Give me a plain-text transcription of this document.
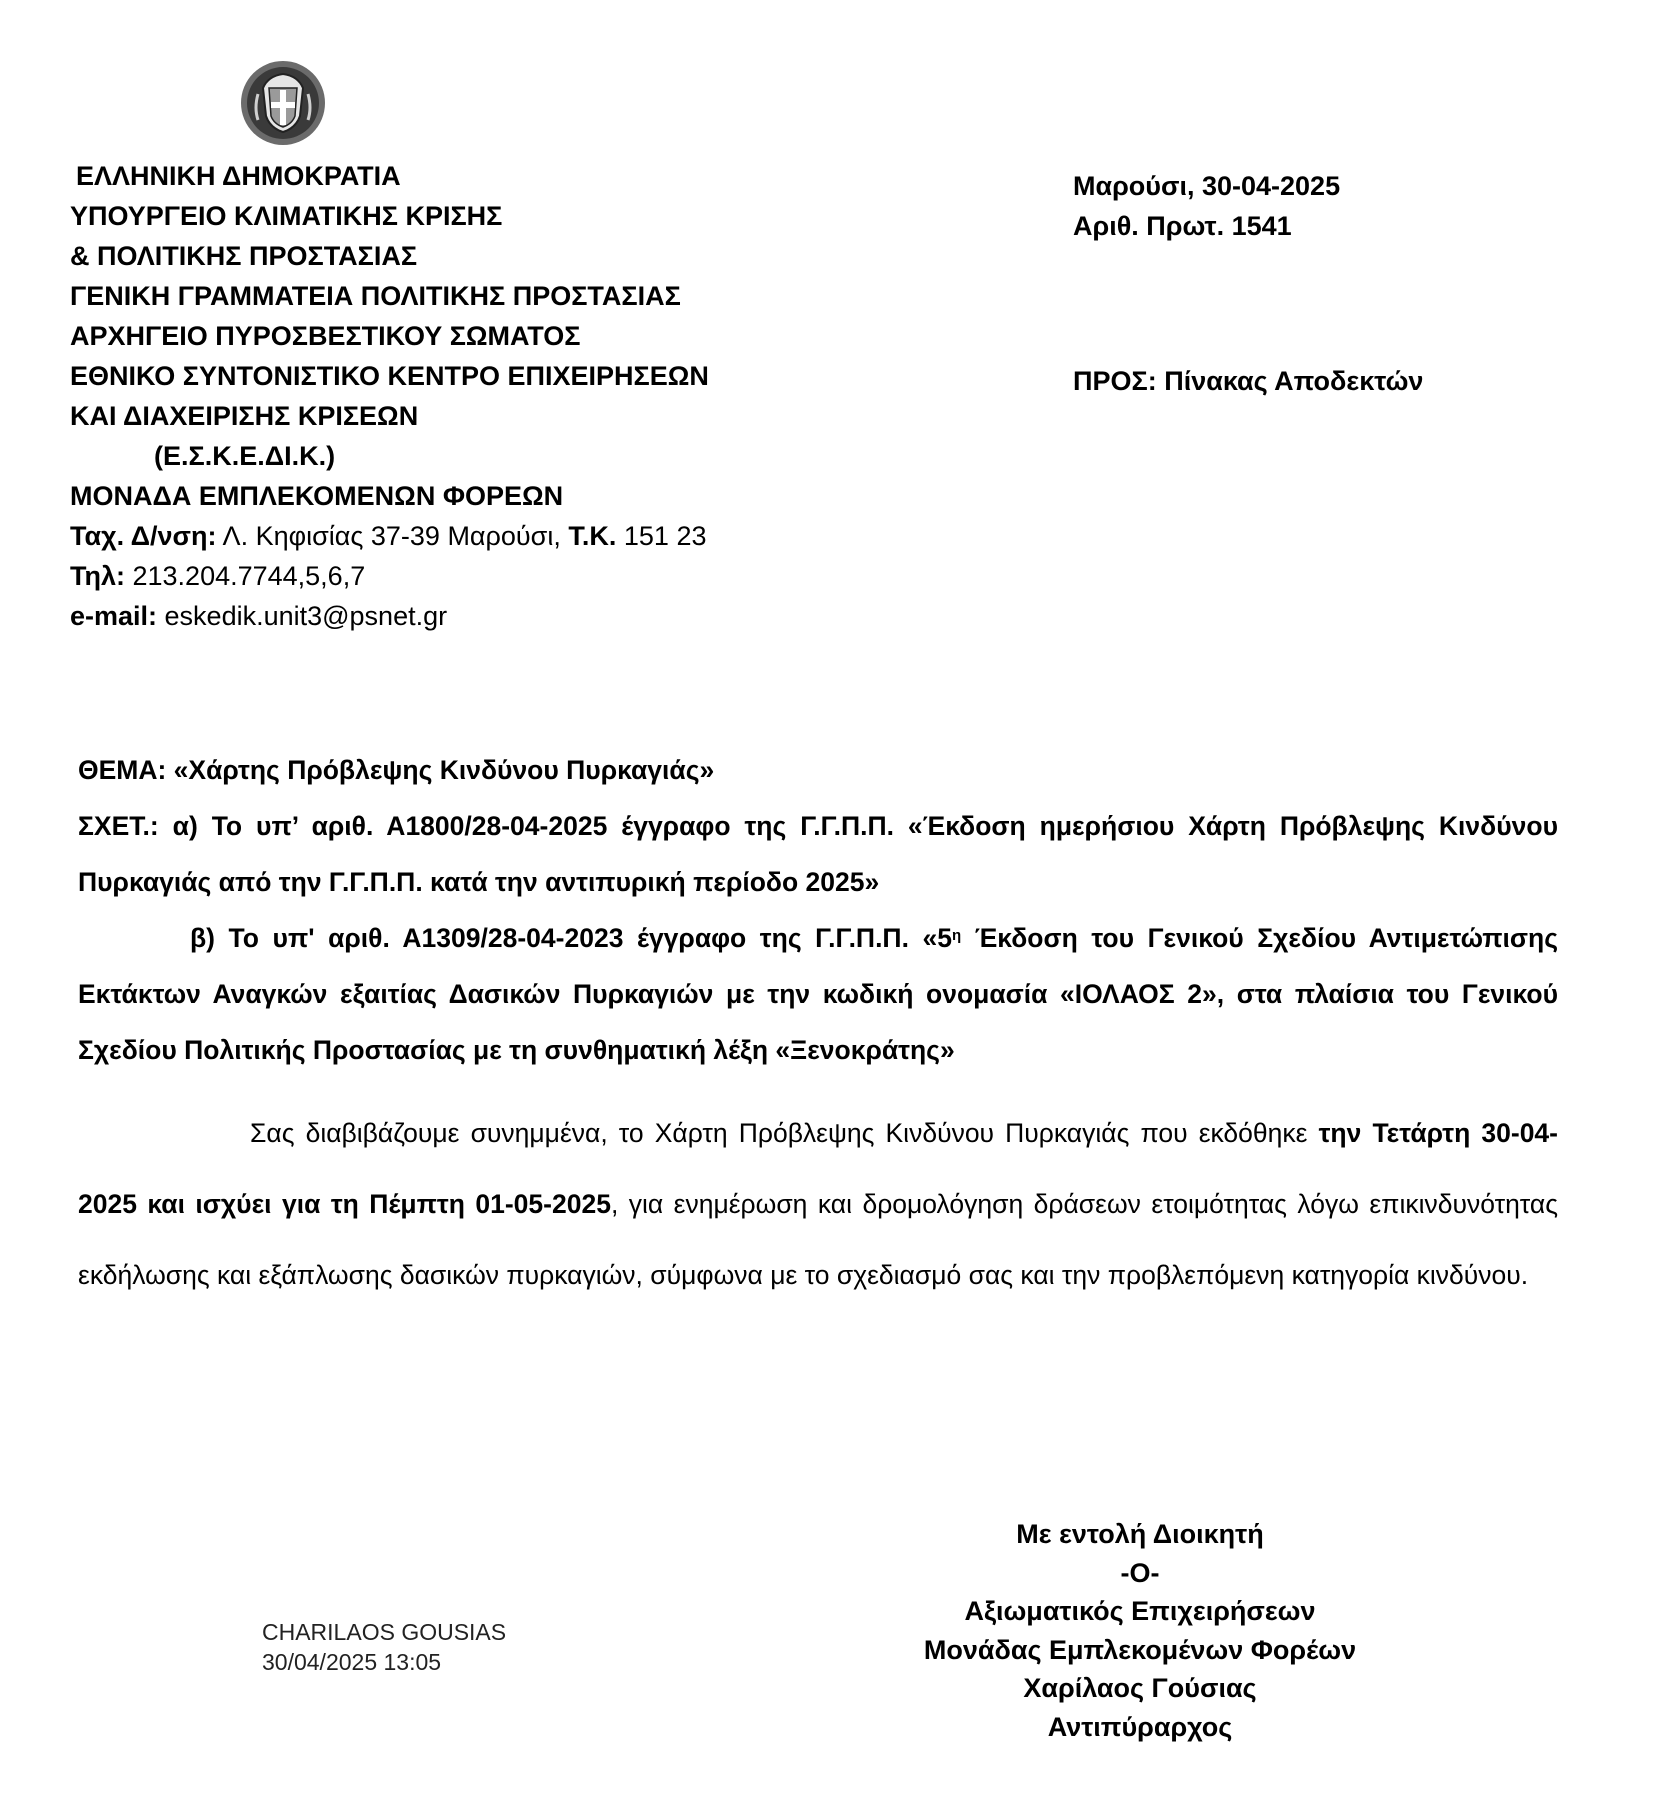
ΕΛΛΗΝΙΚΗ ΔΗΜΟΚΡΑΤΙΑ
ΥΠΟΥΡΓΕΙΟ ΚΛΙΜΑΤΙΚΗΣ ΚΡΙΣΗΣ
& ΠΟΛΙΤΙΚΗΣ ΠΡΟΣΤΑΣΙΑΣ
ΓΕΝΙΚΗ ΓΡΑΜΜΑΤΕΙΑ ΠΟΛΙΤΙΚΗΣ ΠΡΟΣΤΑΣΙΑΣ
ΑΡΧΗΓΕΙΟ ΠΥΡΟΣΒΕΣΤΙΚΟΥ ΣΩΜΑΤΟΣ
ΕΘΝΙΚΟ ΣΥΝΤΟΝΙΣΤΙΚΟ ΚΕΝΤΡΟ ΕΠΙΧΕΙΡΗΣΕΩΝ
ΚΑΙ ΔΙΑΧΕΙΡΙΣΗΣ ΚΡΙΣΕΩΝ
(Ε.Σ.Κ.Ε.ΔΙ.Κ.)
ΜΟΝΑΔΑ ΕΜΠΛΕΚΟΜΕΝΩΝ ΦΟΡΕΩΝ
Ταχ. Δ/νση: Λ. Κηφισίας 37-39 Μαρούσι, Τ.Κ. 151 23
Τηλ: 213.204.7744,5,6,7
e-mail: eskedik.unit3@psnet.gr
Μαρούσι, 30-04-2025
Αριθ. Πρωτ. 1541
ΠΡΟΣ: Πίνακας Αποδεκτών

ΘΕΜΑ: «Χάρτης Πρόβλεψης Κινδύνου Πυρκαγιάς»

ΣΧΕΤ.: α) Το υπ’ αριθ. Α1800/28-04-2025 έγγραφο της Γ.Γ.Π.Π. «Έκδοση ημερήσιου Χάρτη Πρόβλεψης Κινδύνου Πυρκαγιάς από την Γ.Γ.Π.Π. κατά την αντιπυρική περίοδο 2025»

β) Το υπ' αριθ. Α1309/28-04-2023 έγγραφο της Γ.Γ.Π.Π. «$5^\eta$ Έκδοση του Γενικού Σχεδίου Αντιμετώπισης Εκτάκτων Αναγκών εξαιτίας Δασικών Πυρκαγιών με την κωδική ονομασία «ΙΟΛΑΟΣ 2», στα πλαίσια του Γενικού Σχεδίου Πολιτικής Προστασίας με τη συνθηματική λέξη «Ξενοκράτης»

Σας διαβιβάζουμε συνημμένα, το Χάρτη Πρόβλεψης Κινδύνου Πυρκαγιάς που εκδόθηκε την Τετάρτη 30-04-2025 και ισχύει για τη Πέμπτη 01-05-2025, για ενημέρωση και δρομολόγηση δράσεων ετοιμότητας λόγω επικινδυνότητας εκδήλωσης και εξάπλωσης δασικών πυρκαγιών, σύμφωνα με το σχεδιασμό σας και την προβλεπόμενη κατηγορία κινδύνου.

CHARILAOS GOUSIAS
30/04/2025 13:05
Με εντολή Διοικητή
-Ο-
Αξιωματικός Επιχειρήσεων
Μονάδας Εμπλεκομένων Φορέων
Χαρίλαος Γούσιας
Αντιπύραρχος
